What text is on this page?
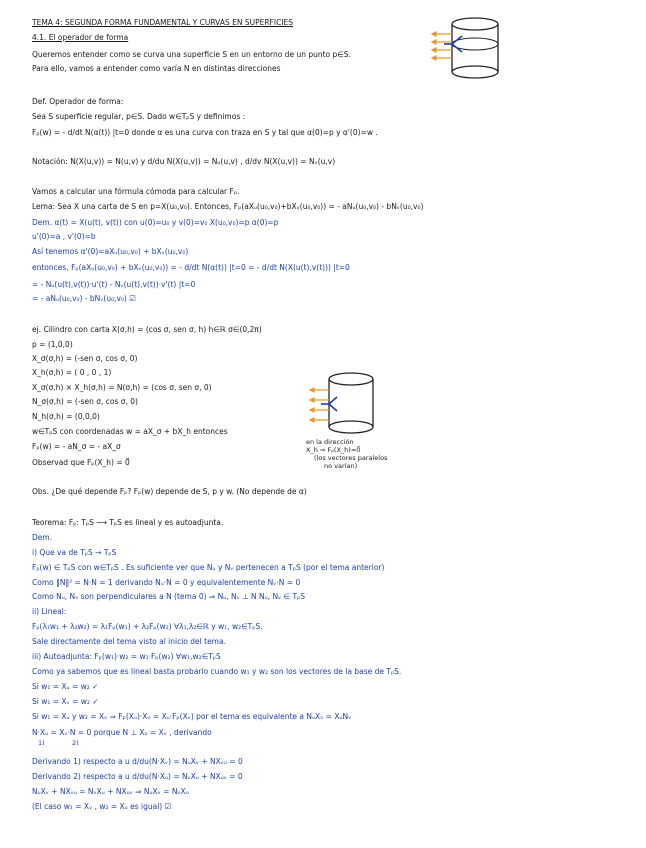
TEMA 4: SEGUNDA FORMA FUNDAMENTAL Y CURVAS EN SUPERFICIES
4.1. El operador de forma
Queremos entender como se curva una superficie S en un entorno de un punto p∈S.
Para ello, vamos a entender como varía N en distintas direcciones
Def. Operador de forma:
Sea S superficie regular, p∈S. Dado w∈TₚS y definimos :
Fₚ(w) = - d/dt N(α(t)) |t=0 donde α es una curva con traza en S y tal que α(0)=p y α'(0)=w .
Notación: N(X(u,v)) = N(u,v) y d/du N(X(u,v)) = Nᵤ(u,v) , d/dv N(X(u,v)) = Nᵥ(u,v)
Vamos a calcular una fórmula cómoda para calcular Fₚ.
Lema: Sea X una carta de S en p=X(u₀,v₀). Entonces, Fₚ(aXᵤ(u₀,v₀)+bXᵥ(u₀,v₀)) = - aNᵤ(u₀,v₀) - bNᵥ(u₀,v₀)
Dem. α(t) = X(u(t), v(t)) con u(0)=u₀ y v(0)=v₀ X(u₀,v₀)=p α(0)=p
u'(0)=a , v'(0)=b
Así tenemos α'(0)=aXᵤ(u₀,v₀) + bXᵥ(u₀,v₀)
entonces, Fₚ(aXᵤ(u₀,v₀) + bXᵥ(u₀,v₀)) = - d/dt N(α(t)) |t=0 = - d/dt N(X(u(t),v(t))) |t=0
= - Nᵤ(u(t),v(t))·u'(t) - Nᵥ(u(t),v(t))·v'(t) |t=0
= - aNᵤ(u₀,v₀) - bNᵥ(u₀,v₀) ☑
ej. Cilindro con carta X(σ,h) = (cos σ, sen σ, h) h∈ℝ σ∈(0,2π)
p = (1,0,0)
X_σ(σ,h) = (-sen σ, cos σ, 0)
X_h(σ,h) = ( 0 , 0 , 1)
X_σ(σ,h) × X_h(σ,h) = N(σ,h) = (cos σ, sen σ, 0)
N_σ(σ,h) = (-sen σ, cos σ, 0)
N_h(σ,h) = (0,0,0)
w∈TₚS con coordenadas w = aX_σ + bX_h entonces
Fₚ(w) = - aN_σ = - aX_σ
Observad que Fₚ(X_h) = 0⃗
en la dirección
X_h ⇒ Fₚ(X_h)=0⃗
(los vectores paralelos
no varían)
Obs. ¿De qué depende Fₚ? Fₚ(w) depende de S, p y w. (No depende de α)
Teorema: Fₚ: TₚS ⟶ TₚS es lineal y es autoadjunta.
Dem.
i) Que va de TₚS → TₚS
Fₚ(w) ∈ TₚS con w∈TₚS . Es suficiente ver que Nᵤ y Nᵥ pertenecen a TₚS (por el tema anterior)
Como ‖N‖² = N·N = 1 derivando Nᵤ·N = 0 y equivalentemente Nᵥ·N = 0
Como Nᵤ, Nᵥ son perpendiculares a N (tema 0) ⇒ Nᵤ, Nᵥ ⊥ N Nᵤ, Nᵥ ∈ TₚS
ii) Lineal:
Fₚ(λ₁w₁ + λ₂w₂) = λ₁Fₚ(w₁) + λ₂Fₚ(w₂) ∀λ₁,λ₂∈ℝ y w₁, w₂∈TₚS.
Sale directamente del tema visto al inicio del tema.
iii) Autoadjunta: Fₚ(w₁)·w₂ = w₁·Fₚ(w₂) ∀w₁,w₂∈TₚS
Como ya sabemos que es lineal basta probarlo cuando w₁ y w₂ son los vectores de la base de TₚS.
Si w₁ = Xᵤ = w₂ ✓
Si w₁ = Xᵥ = w₂ ✓
Si w₁ = Xᵤ y w₂ = Xᵥ ⇒ Fₚ(Xᵤ)·Xᵥ = Xᵤ·Fₚ(Xᵥ) por el tema es equivalente a NᵤXᵥ = XᵤNᵥ
N·Xᵤ = Xᵥ·N = 0 porque N ⊥ Xᵤ = Xᵥ , derivando
1)	2)
Derivando 1) respecto a u d/du(N·Xᵥ) = NᵤXᵥ + NXᵥᵤ = 0
Derivando 2) respecto a u d/du(N·Xᵤ) = NᵥXᵤ + NXᵤᵥ = 0
NᵤXᵥ + NXᵥᵤ = NᵥXᵤ + NXᵤᵥ ⇒ NᵤXᵥ = NᵥXᵤ
(El caso w₁ = Xᵥ , w₂ = Xᵤ es igual) ☑
